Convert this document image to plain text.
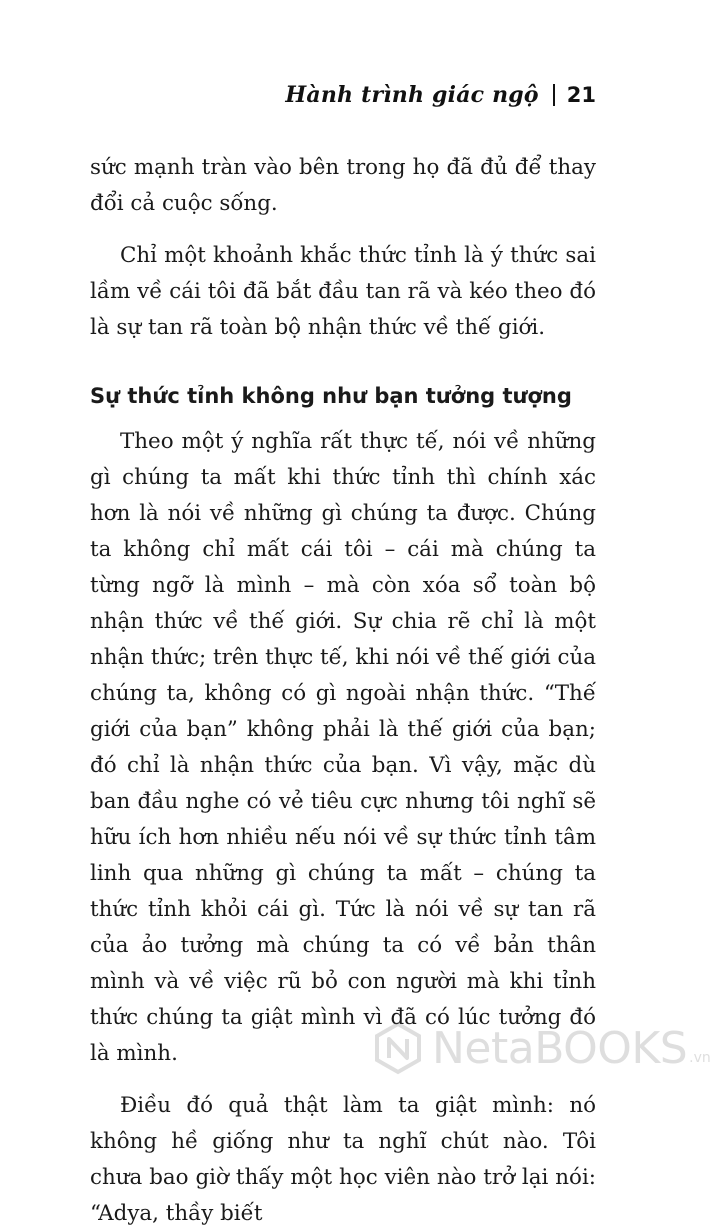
Hành trình giác ngộ 21

sức mạnh tràn vào bên trong họ đã đủ để thay đổi cả cuộc sống.

Chỉ một khoảnh khắc thức tỉnh là ý thức sai lầm về cái tôi đã bắt đầu tan rã và kéo theo đó là sự tan rã toàn bộ nhận thức về thế giới.

Sự thức tỉnh không như bạn tưởng tượng

Theo một ý nghĩa rất thực tế, nói về những gì chúng ta mất khi thức tỉnh thì chính xác hơn là nói về những gì chúng ta được. Chúng ta không chỉ mất cái tôi – cái mà chúng ta từng ngỡ là mình – mà còn xóa sổ toàn bộ nhận thức về thế giới. Sự chia rẽ chỉ là một nhận thức; trên thực tế, khi nói về thế giới của chúng ta, không có gì ngoài nhận thức. “Thế giới của bạn” không phải là thế giới của bạn; đó chỉ là nhận thức của bạn. Vì vậy, mặc dù ban đầu nghe có vẻ tiêu cực nhưng tôi nghĩ sẽ hữu ích hơn nhiều nếu nói về sự thức tỉnh tâm linh qua những gì chúng ta mất – chúng ta thức tỉnh khỏi cái gì. Tức là nói về sự tan rã của ảo tưởng mà chúng ta có về bản thân mình và về việc rũ bỏ con người mà khi tỉnh thức chúng ta giật mình vì đã có lúc tưởng đó là mình.

Điều đó quả thật làm ta giật mình: nó không hề giống như ta nghĩ chút nào. Tôi chưa bao giờ thấy một học viên nào trở lại nói: “Adya, thầy biết

NetaBOOKS .vn
